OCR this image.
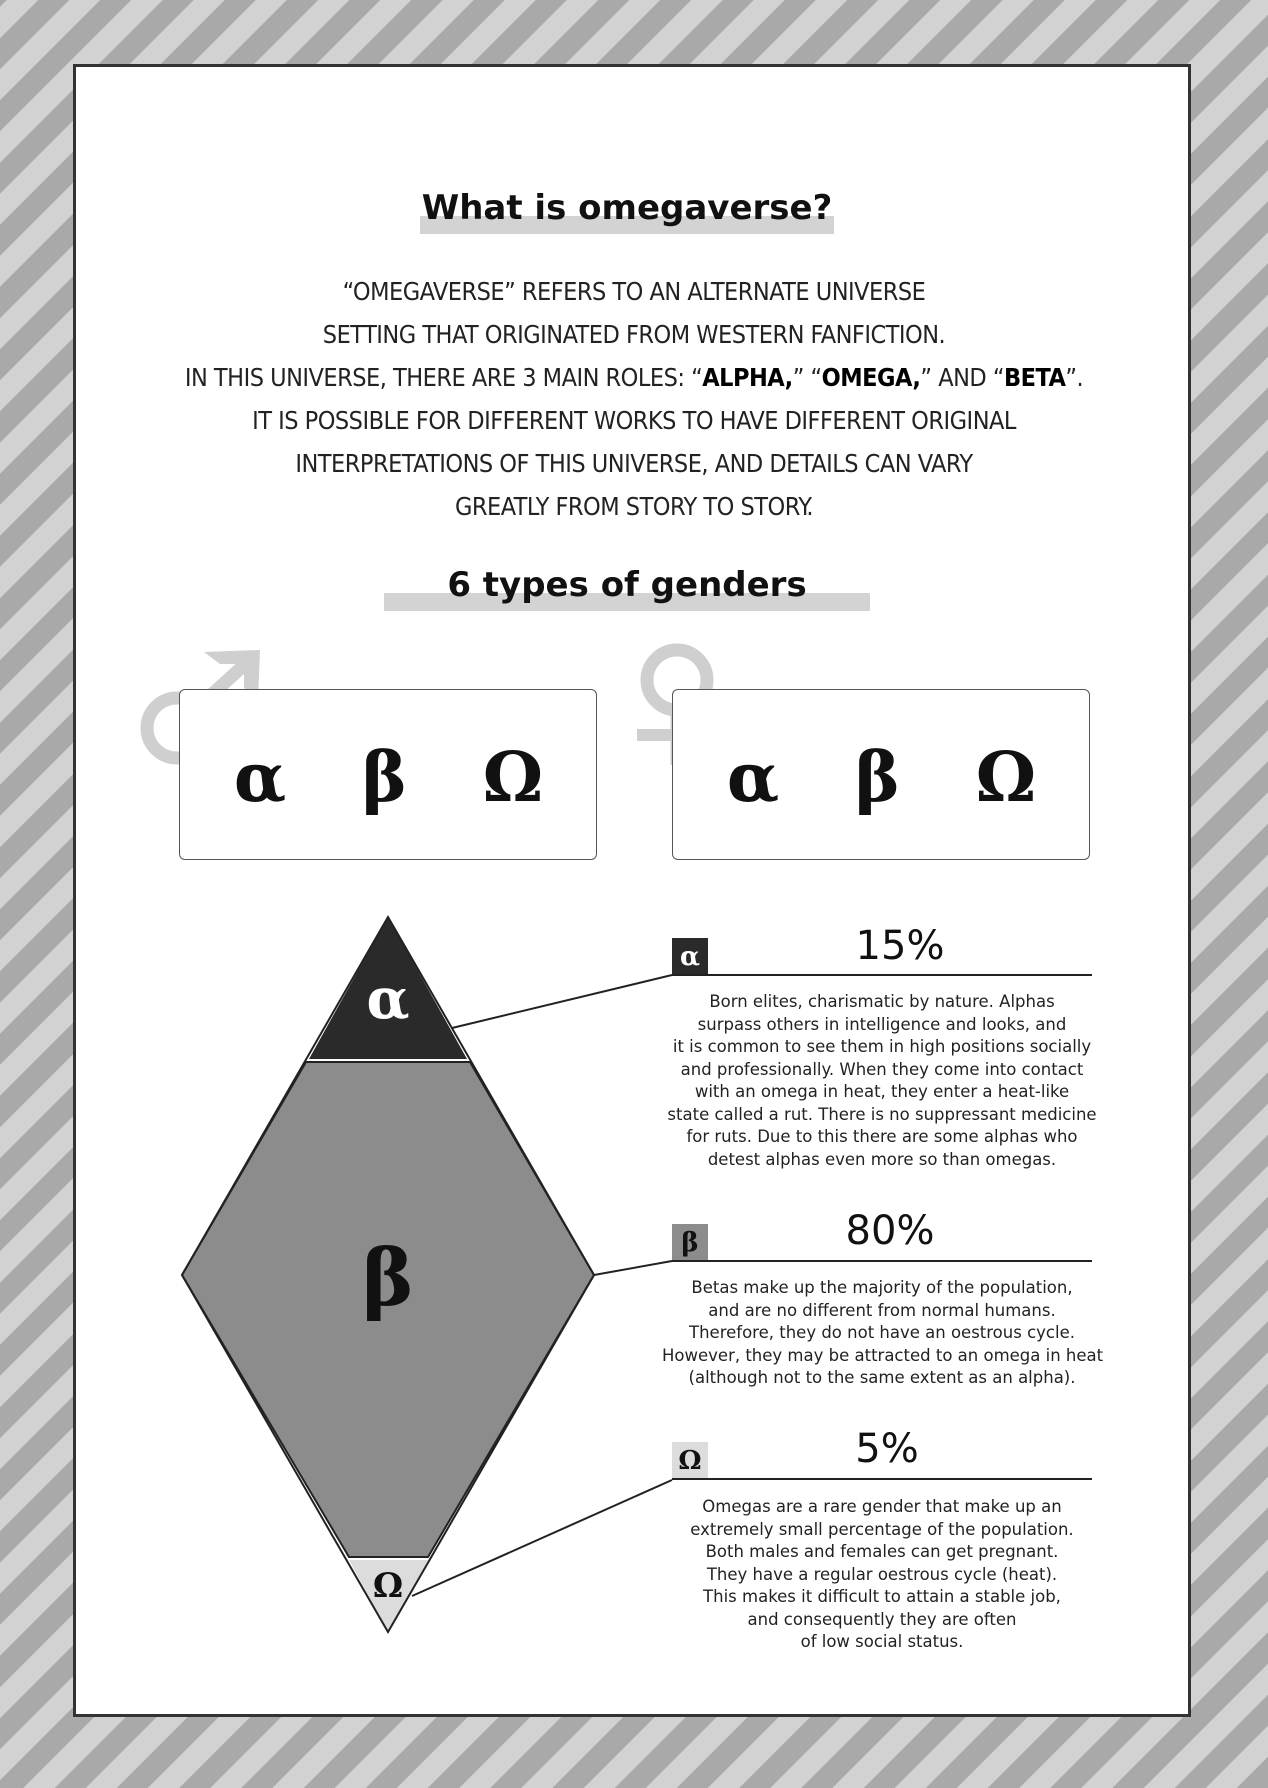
What is omegaverse?
“OMEGAVERSE” REFERS TO AN ALTERNATE UNIVERSE
SETTING THAT ORIGINATED FROM WESTERN FANFICTION.
IN THIS UNIVERSE, THERE ARE 3 MAIN ROLES: “ALPHA,” “OMEGA,” AND “BETA”.
IT IS POSSIBLE FOR DIFFERENT WORKS TO HAVE DIFFERENT ORIGINAL
INTERPRETATIONS OF THIS UNIVERSE, AND DETAILS CAN VARY
GREATLY FROM STORY TO STORY.
6 types of genders
α β Ω	α β Ω
α
β
Ω
α	15%
Born elites, charismatic by nature. Alphas
surpass others in intelligence and looks, and
it is common to see them in high positions socially
and professionally. When they come into contact
with an omega in heat, they enter a heat-like
state called a rut. There is no suppressant medicine
for ruts. Due to this there are some alphas who
detest alphas even more so than omegas.
β	80%
Betas make up the majority of the population,
and are no different from normal humans.
Therefore, they do not have an oestrous cycle.
However, they may be attracted to an omega in heat
(although not to the same extent as an alpha).
Ω	5%
Omegas are a rare gender that make up an
extremely small percentage of the population.
Both males and females can get pregnant.
They have a regular oestrous cycle (heat).
This makes it difficult to attain a stable job,
and consequently they are often
of low social status.
